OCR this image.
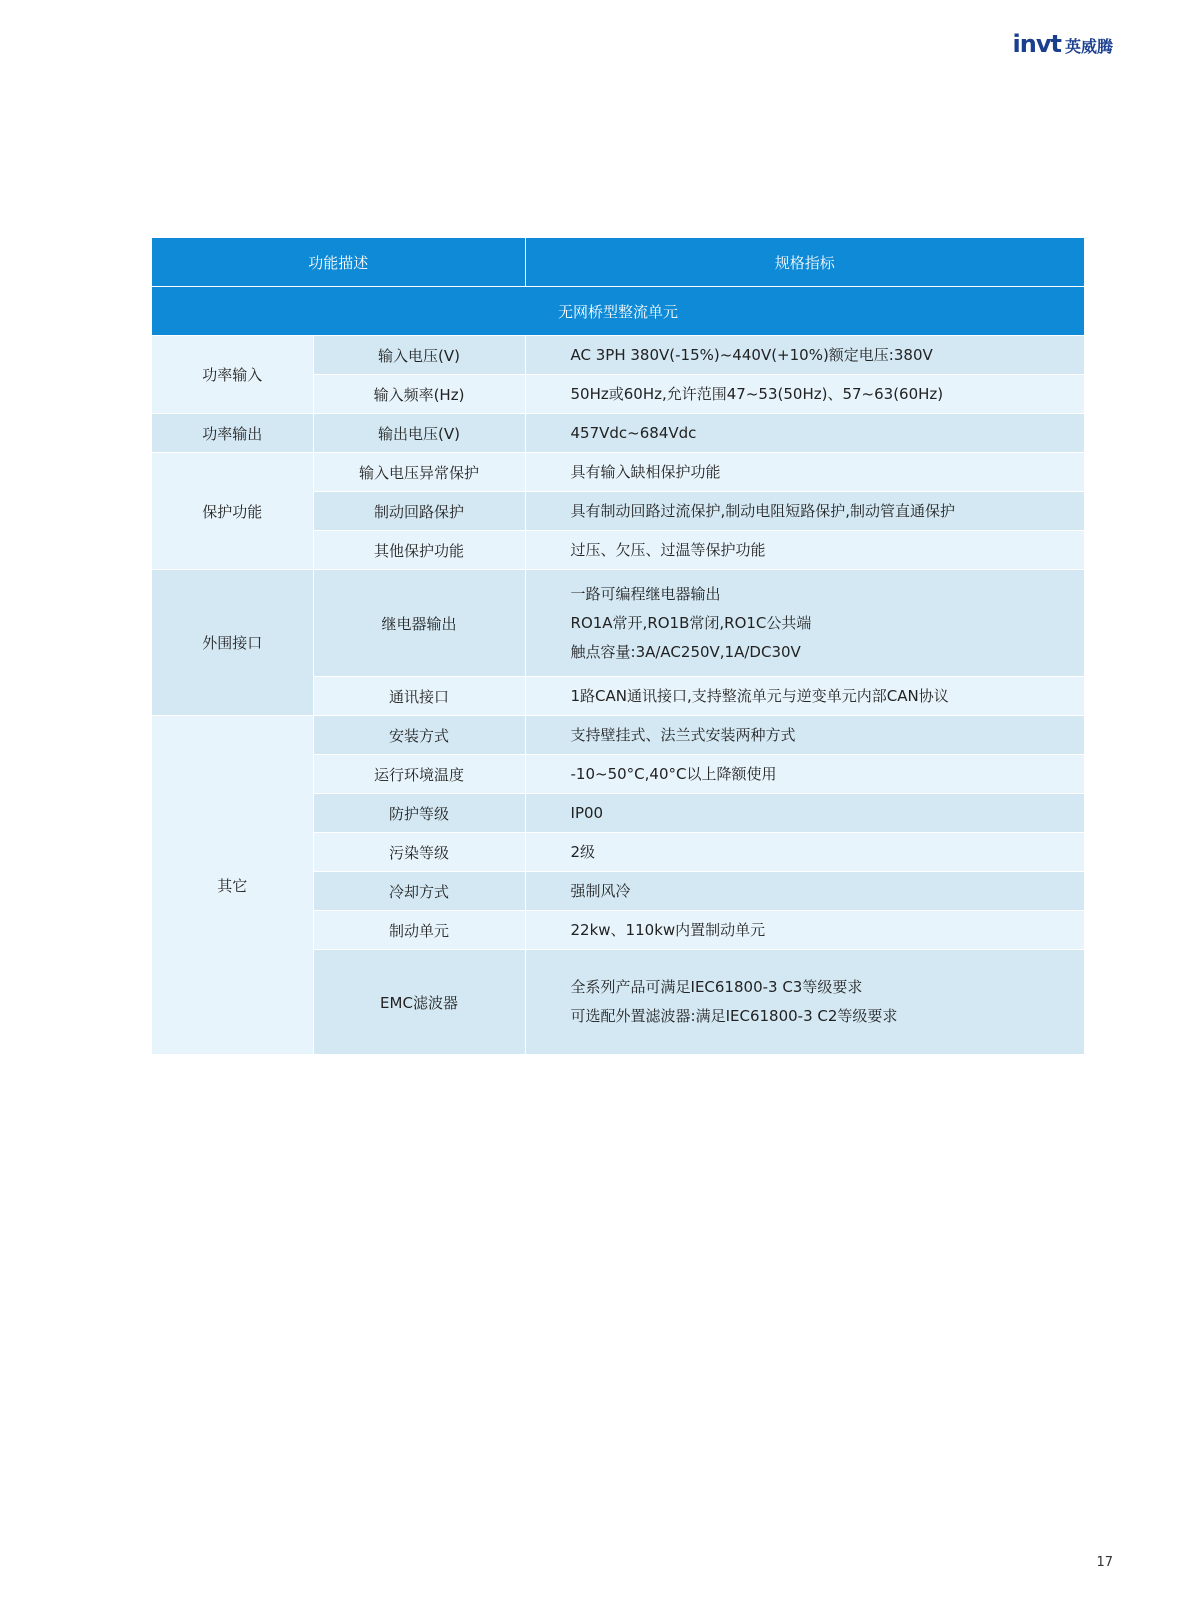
invt 英威腾
功能描述		规格指标
无网桥型整流单元		
功率输入	输入电压(V)	AC 3PH 380V(-15%)~440V(+10%)额定电压:380V

	输入频率(Hz)	50Hz或60Hz,允许范围47~53(50Hz)、57~63(60Hz)

功率输出	输出电压(V)	457Vdc~684Vdc

保护功能	输入电压异常保护	具有输入缺相保护功能

	制动回路保护	具有制动回路过流保护,制动电阻短路保护,制动管直通保护

	其他保护功能	过压、欠压、过温等保护功能

外围接口	继电器输出	一路可编程继电器输出
RO1A常开,RO1B常闭,RO1C公共端
触点容量:3A/AC250V,1A/DC30V

	通讯接口	1路CAN通讯接口,支持整流单元与逆变单元内部CAN协议

其它	安装方式	支持壁挂式、法兰式安装两种方式

	运行环境温度	-10~50°C,40°C以上降额使用

	防护等级	IP00

	污染等级	2级

	冷却方式	强制风冷

	制动单元	22kw、110kw内置制动单元

	EMC滤波器	全系列产品可满足IEC61800-3 C3等级要求
可选配外置滤波器:满足IEC61800-3 C2等级要求
17
